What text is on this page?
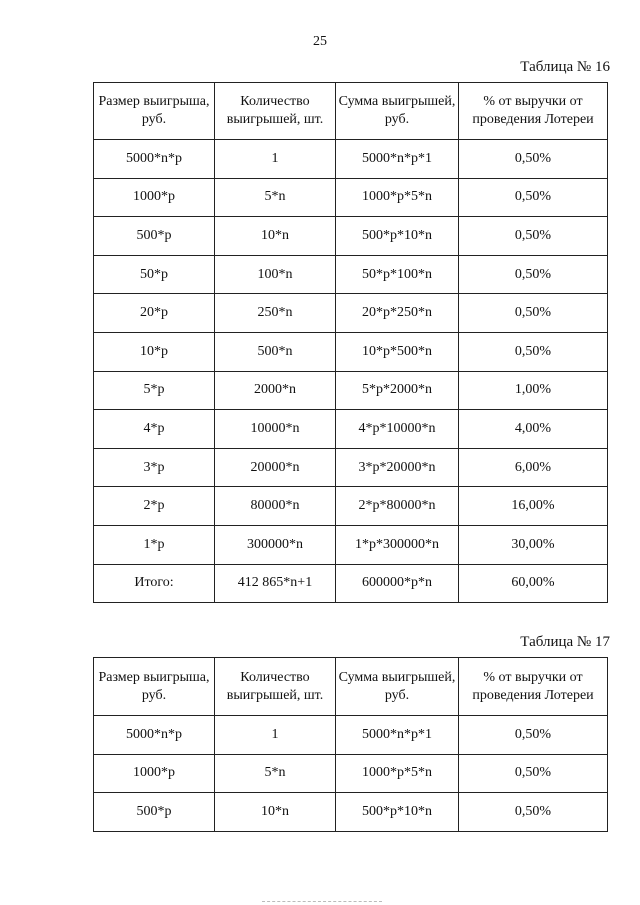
25
Таблица № 16
Размер выигрыша, руб.	Количество выигрышей, шт.	Сумма выигрышей, руб.	% от выручки от проведения Лотереи
5000*n*p	1	5000*n*p*1	0,50%
1000*p	5*n	1000*p*5*n	0,50%
500*p	10*n	500*p*10*n	0,50%
50*p	100*n	50*p*100*n	0,50%
20*p	250*n	20*p*250*n	0,50%
10*p	500*n	10*p*500*n	0,50%
5*p	2000*n	5*p*2000*n	1,00%
4*p	10000*n	4*p*10000*n	4,00%
3*p	20000*n	3*p*20000*n	6,00%
2*p	80000*n	2*p*80000*n	16,00%
1*p	300000*n	1*p*300000*n	30,00%
Итого:	412 865*n+1	600000*p*n	60,00%
Таблица № 17
Размер выигрыша, руб.	Количество выигрышей, шт.	Сумма выигрышей, руб.	% от выручки от проведения Лотереи
5000*n*p	1	5000*n*p*1	0,50%
1000*p	5*n	1000*p*5*n	0,50%
500*p	10*n	500*p*10*n	0,50%
